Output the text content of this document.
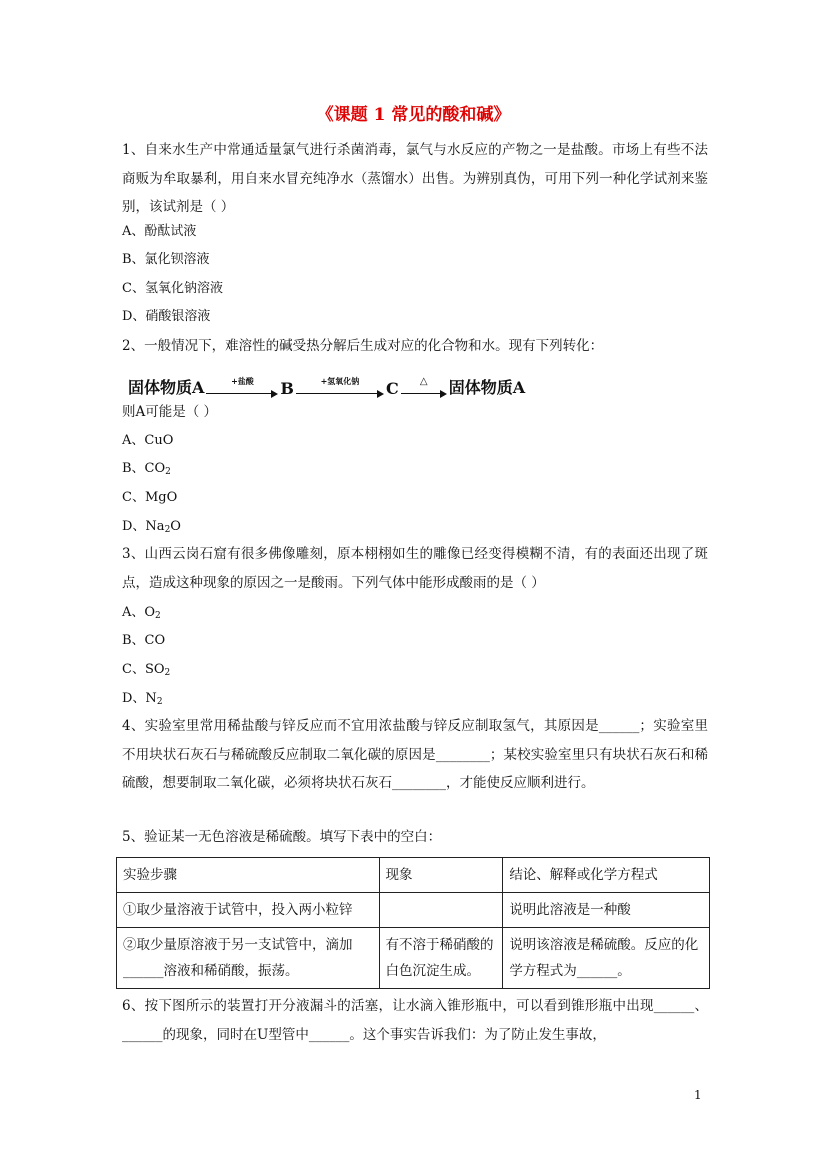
《课题 1 常见的酸和碱》
1、自来水生产中常通适量氯气进行杀菌消毒，氯气与水反应的产物之一是盐酸。市场上有些不法商贩为牟取暴利，用自来水冒充纯净水（蒸馏水）出售。为辨别真伪，可用下列一种化学试剂来鉴别，该试剂是（ ）
A、酚酞试液
B、氯化钡溶液
C、氢氧化钠溶液
D、硝酸银溶液
2、一般情况下，难溶性的碱受热分解后生成对应的化合物和水。现有下列转化：
固体物质A	+盐酸	B	+氢氧化钠	C	△	固体物质A
则A可能是（ ）
A、CuO
B、$CO_2$
C、MgO
D、$Na_2O$
3、山西云岗石窟有很多佛像雕刻，原本栩栩如生的雕像已经变得模糊不清，有的表面还出现了斑点，造成这种现象的原因之一是酸雨。下列气体中能形成酸雨的是（ ）
A、$O_2$
B、CO
C、$SO_2$
D、$N_2$
4、实验室里常用稀盐酸与锌反应而不宜用浓盐酸与锌反应制取氢气，其原因是______；实验室里不用块状石灰石与稀硫酸反应制取二氧化碳的原因是________；某校实验室里只有块状石灰石和稀硫酸，想要制取二氧化碳，必须将块状石灰石________，才能使反应顺利进行。
5、验证某一无色溶液是稀硫酸。填写下表中的空白：
实验步骤	现象	结论、解释或化学方程式
①取少量溶液于试管中，投入两小粒锌		说明此溶液是一种酸
②取少量原溶液于另一支试管中，滴加______溶液和稀硝酸，振荡。	有不溶于稀硝酸的白色沉淀生成。	说明该溶液是稀硫酸。反应的化学方程式为______。
6、按下图所示的装置打开分液漏斗的活塞，让水滴入锥形瓶中，可以看到锥形瓶中出现______、______的现象，同时在U型管中______。这个事实告诉我们：为了防止发生事故，
1
